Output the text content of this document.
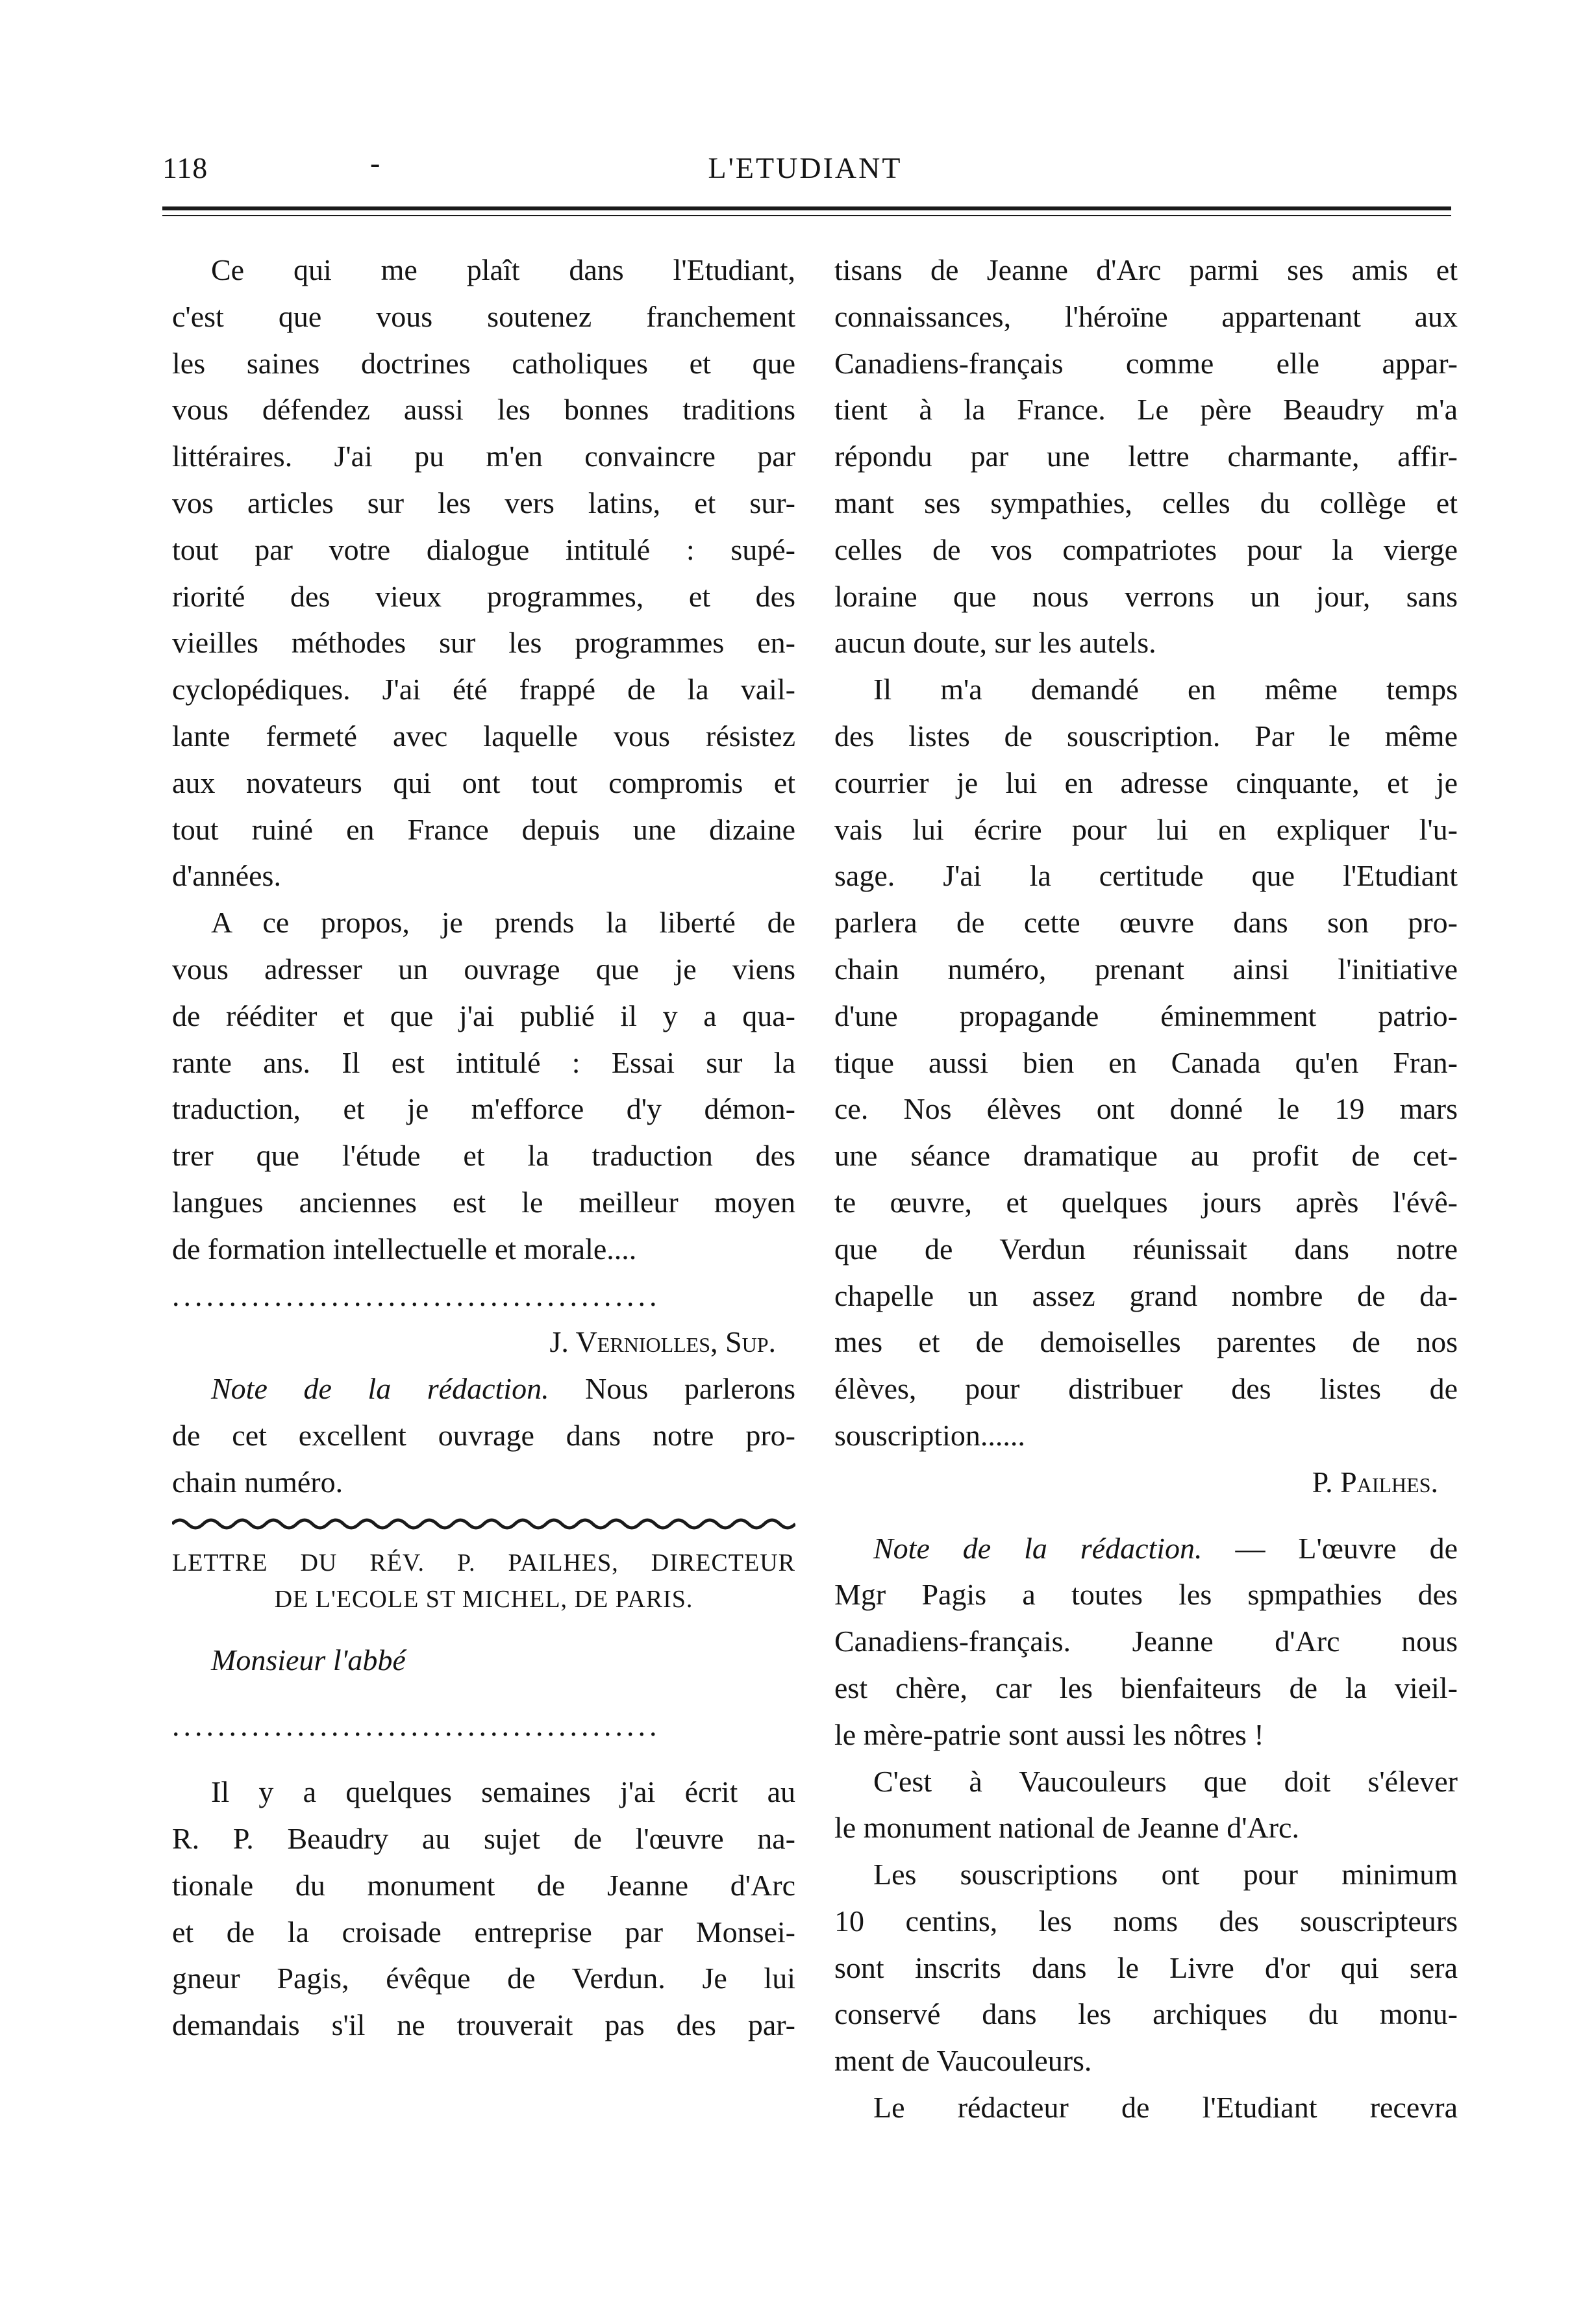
118	-	L'ETUDIANT
Ce qui me plaît dans l'Etudiant,
c'est que vous soutenez franchement
les saines doctrines catholiques et que
vous défendez aussi les bonnes traditions
littéraires. J'ai pu m'en convaincre par
vos articles sur les vers latins, et sur-
tout par votre dialogue intitulé : supé-
riorité des vieux programmes, et des
vieilles méthodes sur les programmes en-
cyclopédiques. J'ai été frappé de la vail-
lante fermeté avec laquelle vous résistez
aux novateurs qui ont tout compromis et
tout ruiné en France depuis une dizaine
d'années.
A ce propos, je prends la liberté de
vous adresser un ouvrage que je viens
de rééditer et que j'ai publié il y a qua-
rante ans. Il est intitulé : Essai sur la
traduction, et je m'efforce d'y démon-
trer que l'étude et la traduction des
langues anciennes est le meilleur moyen
de formation intellectuelle et morale....
...........................................
J. Verniolles, Sup.
Note de la rédaction. Nous parlerons
de cet excellent ouvrage dans notre pro-
chain numéro.
LETTRE DU RÉV. P. PAILHES, DIRECTEUR
DE L'ECOLE ST MICHEL, DE PARIS.
Monsieur l'abbé
...........................................
Il y a quelques semaines j'ai écrit au
R. P. Beaudry au sujet de l'œuvre na-
tionale du monument de Jeanne d'Arc
et de la croisade entreprise par Monsei-
gneur Pagis, évêque de Verdun. Je lui
demandais s'il ne trouverait pas des par-
tisans de Jeanne d'Arc parmi ses amis et
connaissances, l'héroïne appartenant aux
Canadiens-français comme elle appar-
tient à la France. Le père Beaudry m'a
répondu par une lettre charmante, affir-
mant ses sympathies, celles du collège et
celles de vos compatriotes pour la vierge
loraine que nous verrons un jour, sans
aucun doute, sur les autels.
Il m'a demandé en même temps
des listes de souscription. Par le même
courrier je lui en adresse cinquante, et je
vais lui écrire pour lui en expliquer l'u-
sage. J'ai la certitude que l'Etudiant
parlera de cette œuvre dans son pro-
chain numéro, prenant ainsi l'initiative
d'une propagande éminemment patrio-
tique aussi bien en Canada qu'en Fran-
ce. Nos élèves ont donné le 19 mars
une séance dramatique au profit de cet-
te œuvre, et quelques jours après l'évê-
que de Verdun réunissait dans notre
chapelle un assez grand nombre de da-
mes et de demoiselles parentes de nos
élèves, pour distribuer des listes de
souscription......
P. Pailhes.
Note de la rédaction. — L'œuvre de
Mgr Pagis a toutes les spmpathies des
Canadiens-français. Jeanne d'Arc nous
est chère, car les bienfaiteurs de la vieil-
le mère-patrie sont aussi les nôtres !
C'est à Vaucouleurs que doit s'élever
le monument national de Jeanne d'Arc.
Les souscriptions ont pour minimum
10 centins, les noms des souscripteurs
sont inscrits dans le Livre d'or qui sera
conservé dans les archiques du monu-
ment de Vaucouleurs.
Le rédacteur de l'Etudiant recevra
